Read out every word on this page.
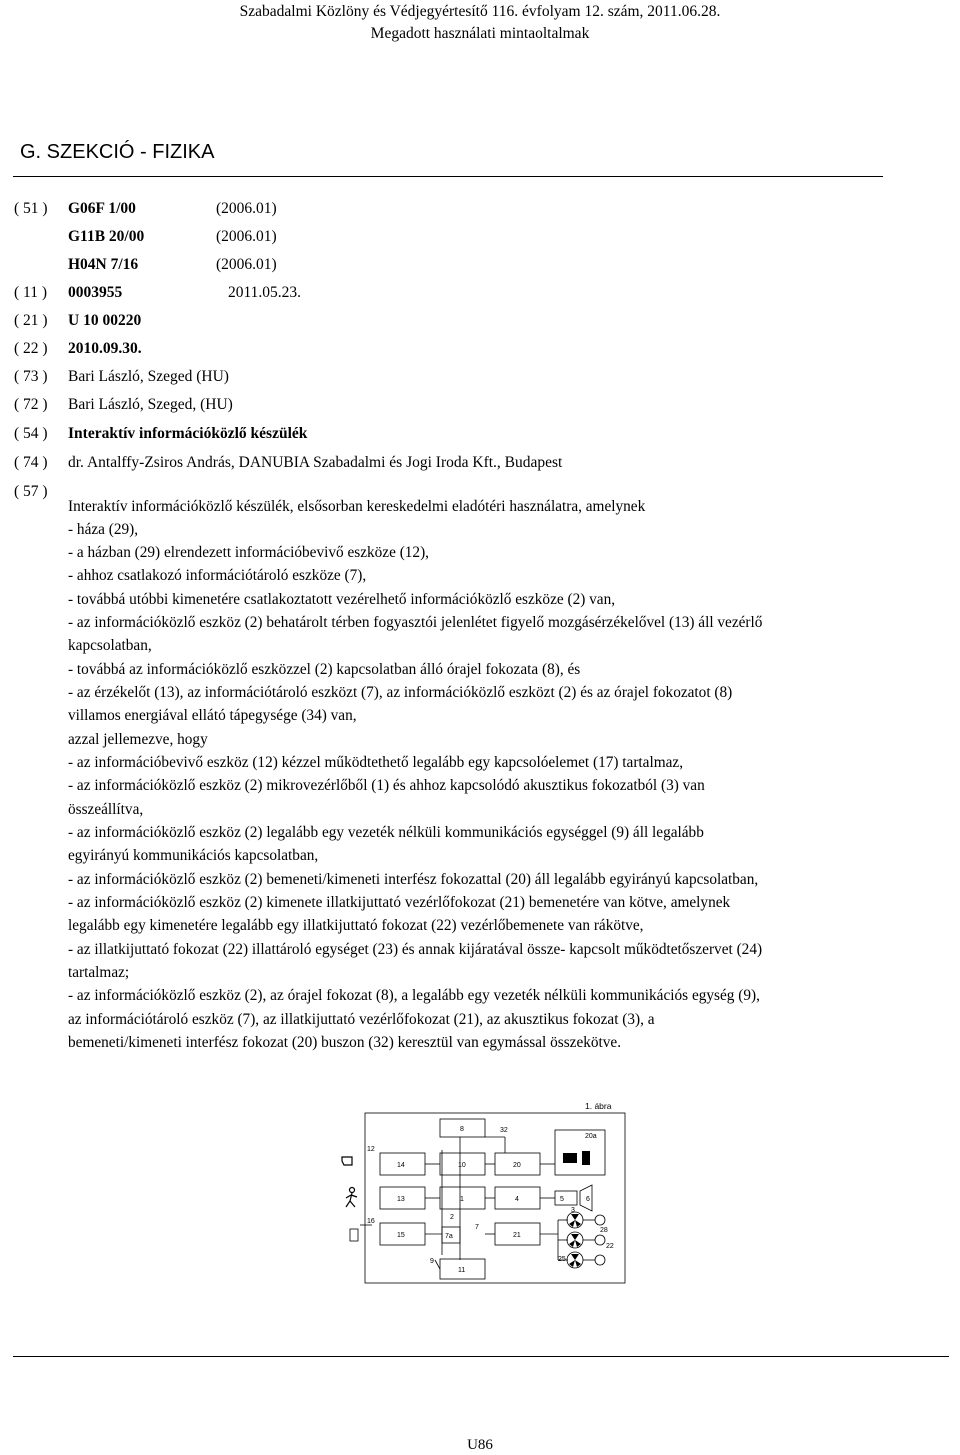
Szabadalmi Közlöny és Védjegyértesítő 116. évfolyam 12. szám, 2011.06.28.
Megadott használati mintaoltalmak
G. SZEKCIÓ - FIZIKA
( 51 ) G06F 1/00	(2006.01)
G11B 20/00	(2006.01)
H04N 7/16	(2006.01)
( 11 ) 0003955	2011.05.23.
( 21 ) U 10 00220
( 22 ) 2010.09.30.
( 73 ) Bari László, Szeged (HU)
( 72 ) Bari László, Szeged, (HU)
( 54 ) Interaktív információközlő készülék
( 74 ) dr. Antalffy-Zsiros András, DANUBIA Szabadalmi és Jogi Iroda Kft., Budapest
( 57 )
Interaktív információközlő készülék, elsősorban kereskedelmi eladótéri használatra, amelynek
- háza (29),
- a házban (29) elrendezett információbevivő eszköze (12),
- ahhoz csatlakozó információtároló eszköze (7),
- továbbá utóbbi kimenetére csatlakoztatott vezérelhető információközlő eszköze (2) van,
- az információközlő eszköz (2) behatárolt térben fogyasztói jelenlétet figyelő mozgásérzékelővel (13) áll vezérlő
kapcsolatban,
- továbbá az információközlő eszközzel (2) kapcsolatban álló órajel fokozata (8), és
- az érzékelőt (13), az információtároló eszközt (7), az információközlő eszközt (2) és az órajel fokozatot (8)
villamos energiával ellátó tápegysége (34) van,
azzal jellemezve, hogy
- az információbevivő eszköz (12) kézzel működtethető legalább egy kapcsolóelemet (17) tartalmaz,
- az információközlő eszköz (2) mikrovezérlőből (1) és ahhoz kapcsolódó akusztikus fokozatból (3) van
összeállítva,
- az információközlő eszköz (2) legalább egy vezeték nélküli kommunikációs egységgel (9) áll legalább
egyirányú kommunikációs kapcsolatban,
- az információközlő eszköz (2) bemeneti/kimeneti interfész fokozattal (20) áll legalább egyirányú kapcsolatban,
- az információközlő eszköz (2) kimenete illatkijuttató vezérlőfokozat (21) bemenetére van kötve, amelynek
legalább egy kimenetére legalább egy illatkijuttató fokozat (22) vezérlőbemenete van rákötve,
- az illatkijuttató fokozat (22) illattároló egységet (23) és annak kijáratával össze- kapcsolt működtetőszervet (24)
tartalmaz;
- az információközlő eszköz (2), az órajel fokozat (8), a legalább egy vezeték nélküli kommunikációs egység (9),
az információtároló eszköz (7), az illatkijuttató vezérlőfokozat (21), az akusztikus fokozat (3), a
bemeneti/kimeneti interfész fokozat (20) buszon (32) keresztül van egymással összekötve.
1. ábra
8	32
20a
12
14	10	20
13	1	4	5	6
3
2
16
7
15	7a	21
28
25
22
9
11
U86
